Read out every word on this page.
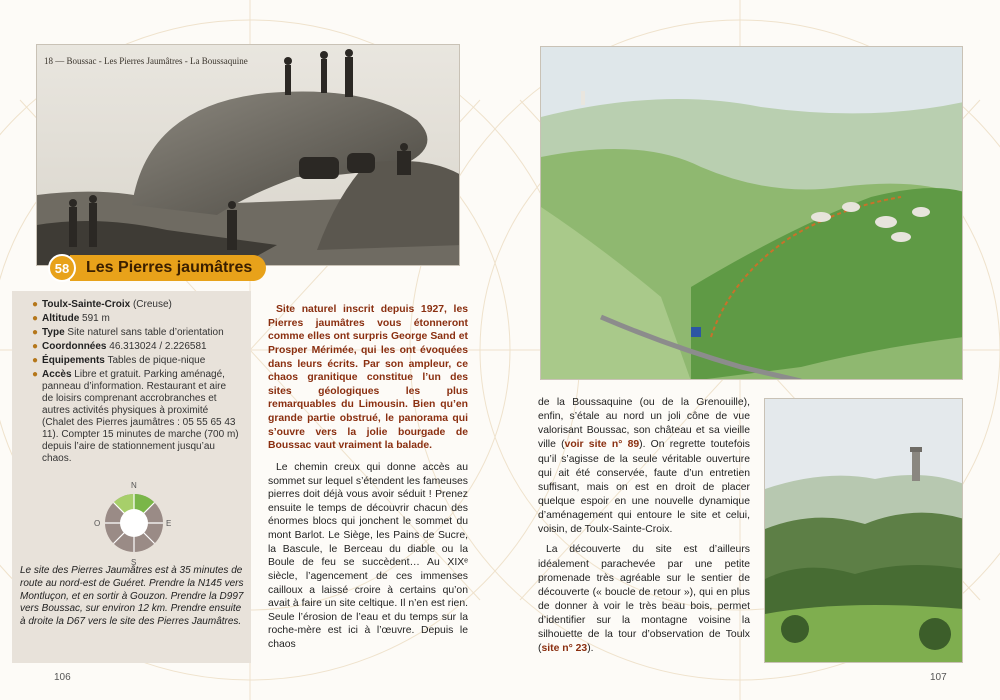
18 — Boussac - Les Pierres Jaumâtres - La Boussaquine
58	Les Pierres jaumâtres
● Toulx-Sainte-Croix (Creuse)
● Altitude 591 m
● Type Site naturel sans table d’orientation
● Coordonnées 46.313024 / 2.226581
● Équipements Tables de pique-nique
● Accès Libre et gratuit. Parking aménagé, panneau d’information. Restaurant et aire de loisirs comprenant accrobranches et autres activités physiques à proximité (Chalet des Pierres jaumâtres : 05 55 65 43 11). Compter 15 minutes de marche (700 m) depuis l’aire de stationnement jusqu’au chaos.
N
E
S
O
Le site des Pierres Jaumâtres est à 35 minutes de route au nord-est de Guéret. Prendre la N145 vers Montluçon, et en sortir à Gouzon. Prendre la D997 vers Boussac, sur environ 12 km. Prendre ensuite à droite la D67 vers le site des Pierres Jaumâtres.

Site naturel inscrit depuis 1927, les Pierres jaumâtres vous étonneront comme elles ont surpris George Sand et Prosper Mérimée, qui les ont évoquées dans leurs écrits. Par son ampleur, ce chaos granitique constitue l’un des sites géologiques les plus remarquables du Limousin. Bien qu’en grande partie obstrué, le panorama qui s’ouvre vers la jolie bourgade de Boussac vaut vraiment la balade.

Le chemin creux qui donne accès au sommet sur lequel s’étendent les fameuses pierres doit déjà vous avoir séduit ! Prenez ensuite le temps de découvrir chacun des énormes blocs qui jonchent le sommet du mont Barlot. Le Siège, les Pains de Sucre, la Bascule, le Berceau du diable ou la Boule de feu se succèdent… Au XIXᵉ siècle, l’agencement de ces immenses cailloux a laissé croire à certains qu’on avait à faire un site celtique. Il n’en est rien. Seule l’érosion de l’eau et du temps sur la roche-mère est ici à l’œuvre. Depuis le chaos

106

de la Boussaquine (ou de la Grenouille), enfin, s’étale au nord un joli cône de vue valorisant Boussac, son château et sa vieille ville (voir site n° 89). On regrette toutefois qu’il s’agisse de la seule véritable ouverture qui ait été conservée, faute d’un entretien suffisant, mais on est en droit de placer quelque espoir en une nouvelle dynamique d’aménagement qui entoure le site et celui, voisin, de Toulx-Sainte-Croix.

La découverte du site est d’ailleurs idéalement parachevée par une petite promenade très agréable sur le sentier de découverte (« boucle de retour »), qui en plus de donner à voir le très beau bois, permet d’identifier sur la montagne voisine la silhouette de la tour d’observation de Toulx (site n° 23).

107
